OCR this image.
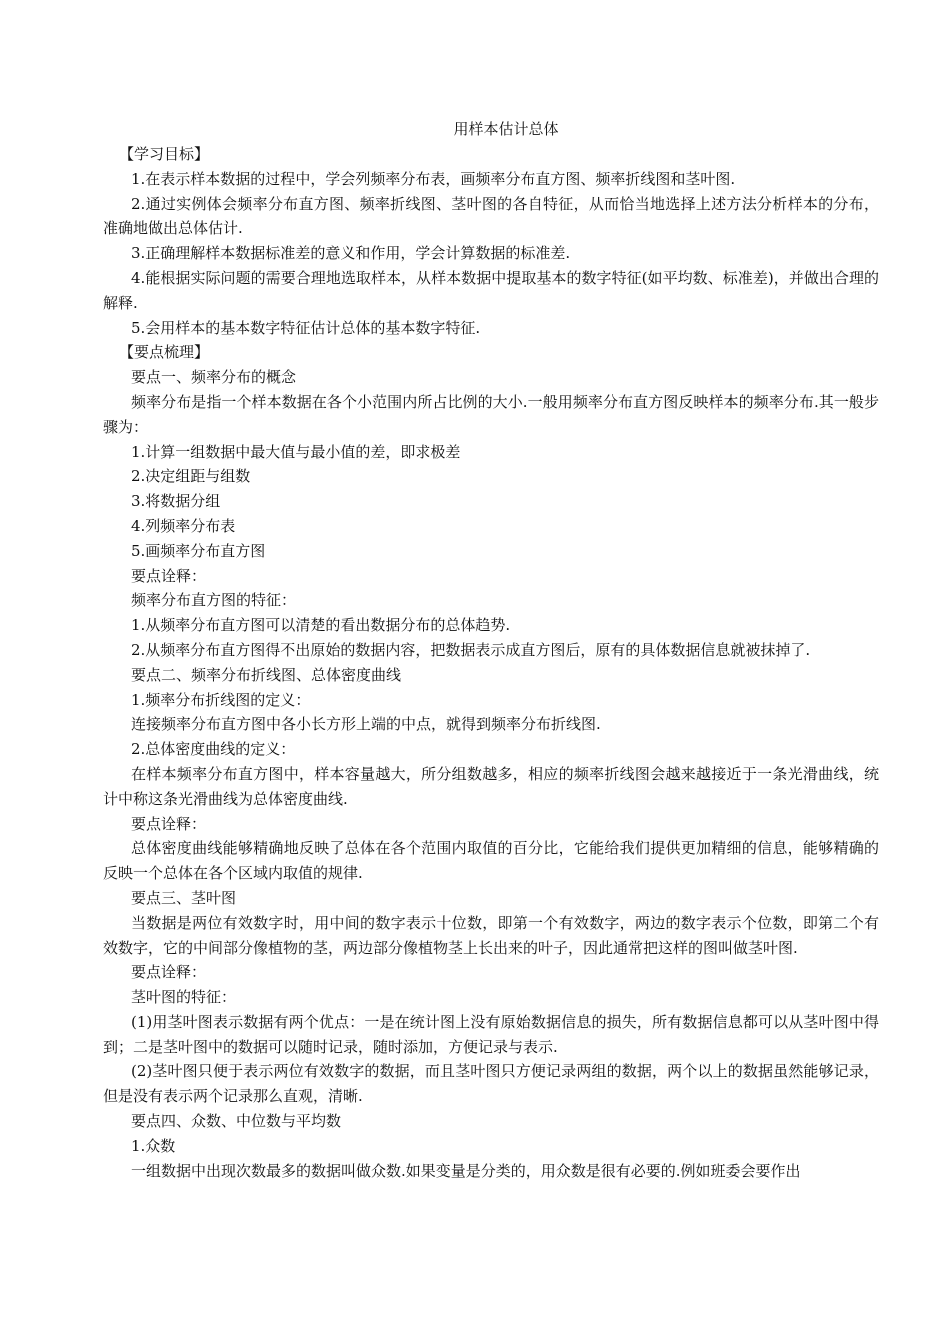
用样本估计总体
【学习目标】
1.在表示样本数据的过程中，学会列频率分布表，画频率分布直方图、频率折线图和茎叶图.
2.通过实例体会频率分布直方图、频率折线图、茎叶图的各自特征，从而恰当地选择上述方法分析样本的分布，准确地做出总体估计.
3.正确理解样本数据标准差的意义和作用，学会计算数据的标准差.
4.能根据实际问题的需要合理地选取样本，从样本数据中提取基本的数字特征(如平均数、标准差)，并做出合理的解释.
5.会用样本的基本数字特征估计总体的基本数字特征.
【要点梳理】
要点一、频率分布的概念
频率分布是指一个样本数据在各个小范围内所占比例的大小.一般用频率分布直方图反映样本的频率分布.其一般步骤为：
1.计算一组数据中最大值与最小值的差，即求极差
2.决定组距与组数
3.将数据分组
4.列频率分布表
5.画频率分布直方图
要点诠释：
频率分布直方图的特征：
1.从频率分布直方图可以清楚的看出数据分布的总体趋势.
2.从频率分布直方图得不出原始的数据内容，把数据表示成直方图后，原有的具体数据信息就被抹掉了.
要点二、频率分布折线图、总体密度曲线
1.频率分布折线图的定义：
连接频率分布直方图中各小长方形上端的中点，就得到频率分布折线图.
2.总体密度曲线的定义：
在样本频率分布直方图中，样本容量越大，所分组数越多，相应的频率折线图会越来越接近于一条光滑曲线，统计中称这条光滑曲线为总体密度曲线.
要点诠释：
总体密度曲线能够精确地反映了总体在各个范围内取值的百分比，它能给我们提供更加精细的信息，能够精确的反映一个总体在各个区域内取值的规律.
要点三、茎叶图
当数据是两位有效数字时，用中间的数字表示十位数，即第一个有效数字，两边的数字表示个位数，即第二个有效数字，它的中间部分像植物的茎，两边部分像植物茎上长出来的叶子，因此通常把这样的图叫做茎叶图.
要点诠释：
茎叶图的特征：
(1)用茎叶图表示数据有两个优点：一是在统计图上没有原始数据信息的损失，所有数据信息都可以从茎叶图中得到；二是茎叶图中的数据可以随时记录，随时添加，方便记录与表示.
(2)茎叶图只便于表示两位有效数字的数据，而且茎叶图只方便记录两组的数据，两个以上的数据虽然能够记录，但是没有表示两个记录那么直观，清晰.
要点四、众数、中位数与平均数
1.众数
一组数据中出现次数最多的数据叫做众数.如果变量是分类的，用众数是很有必要的.例如班委会要作出
